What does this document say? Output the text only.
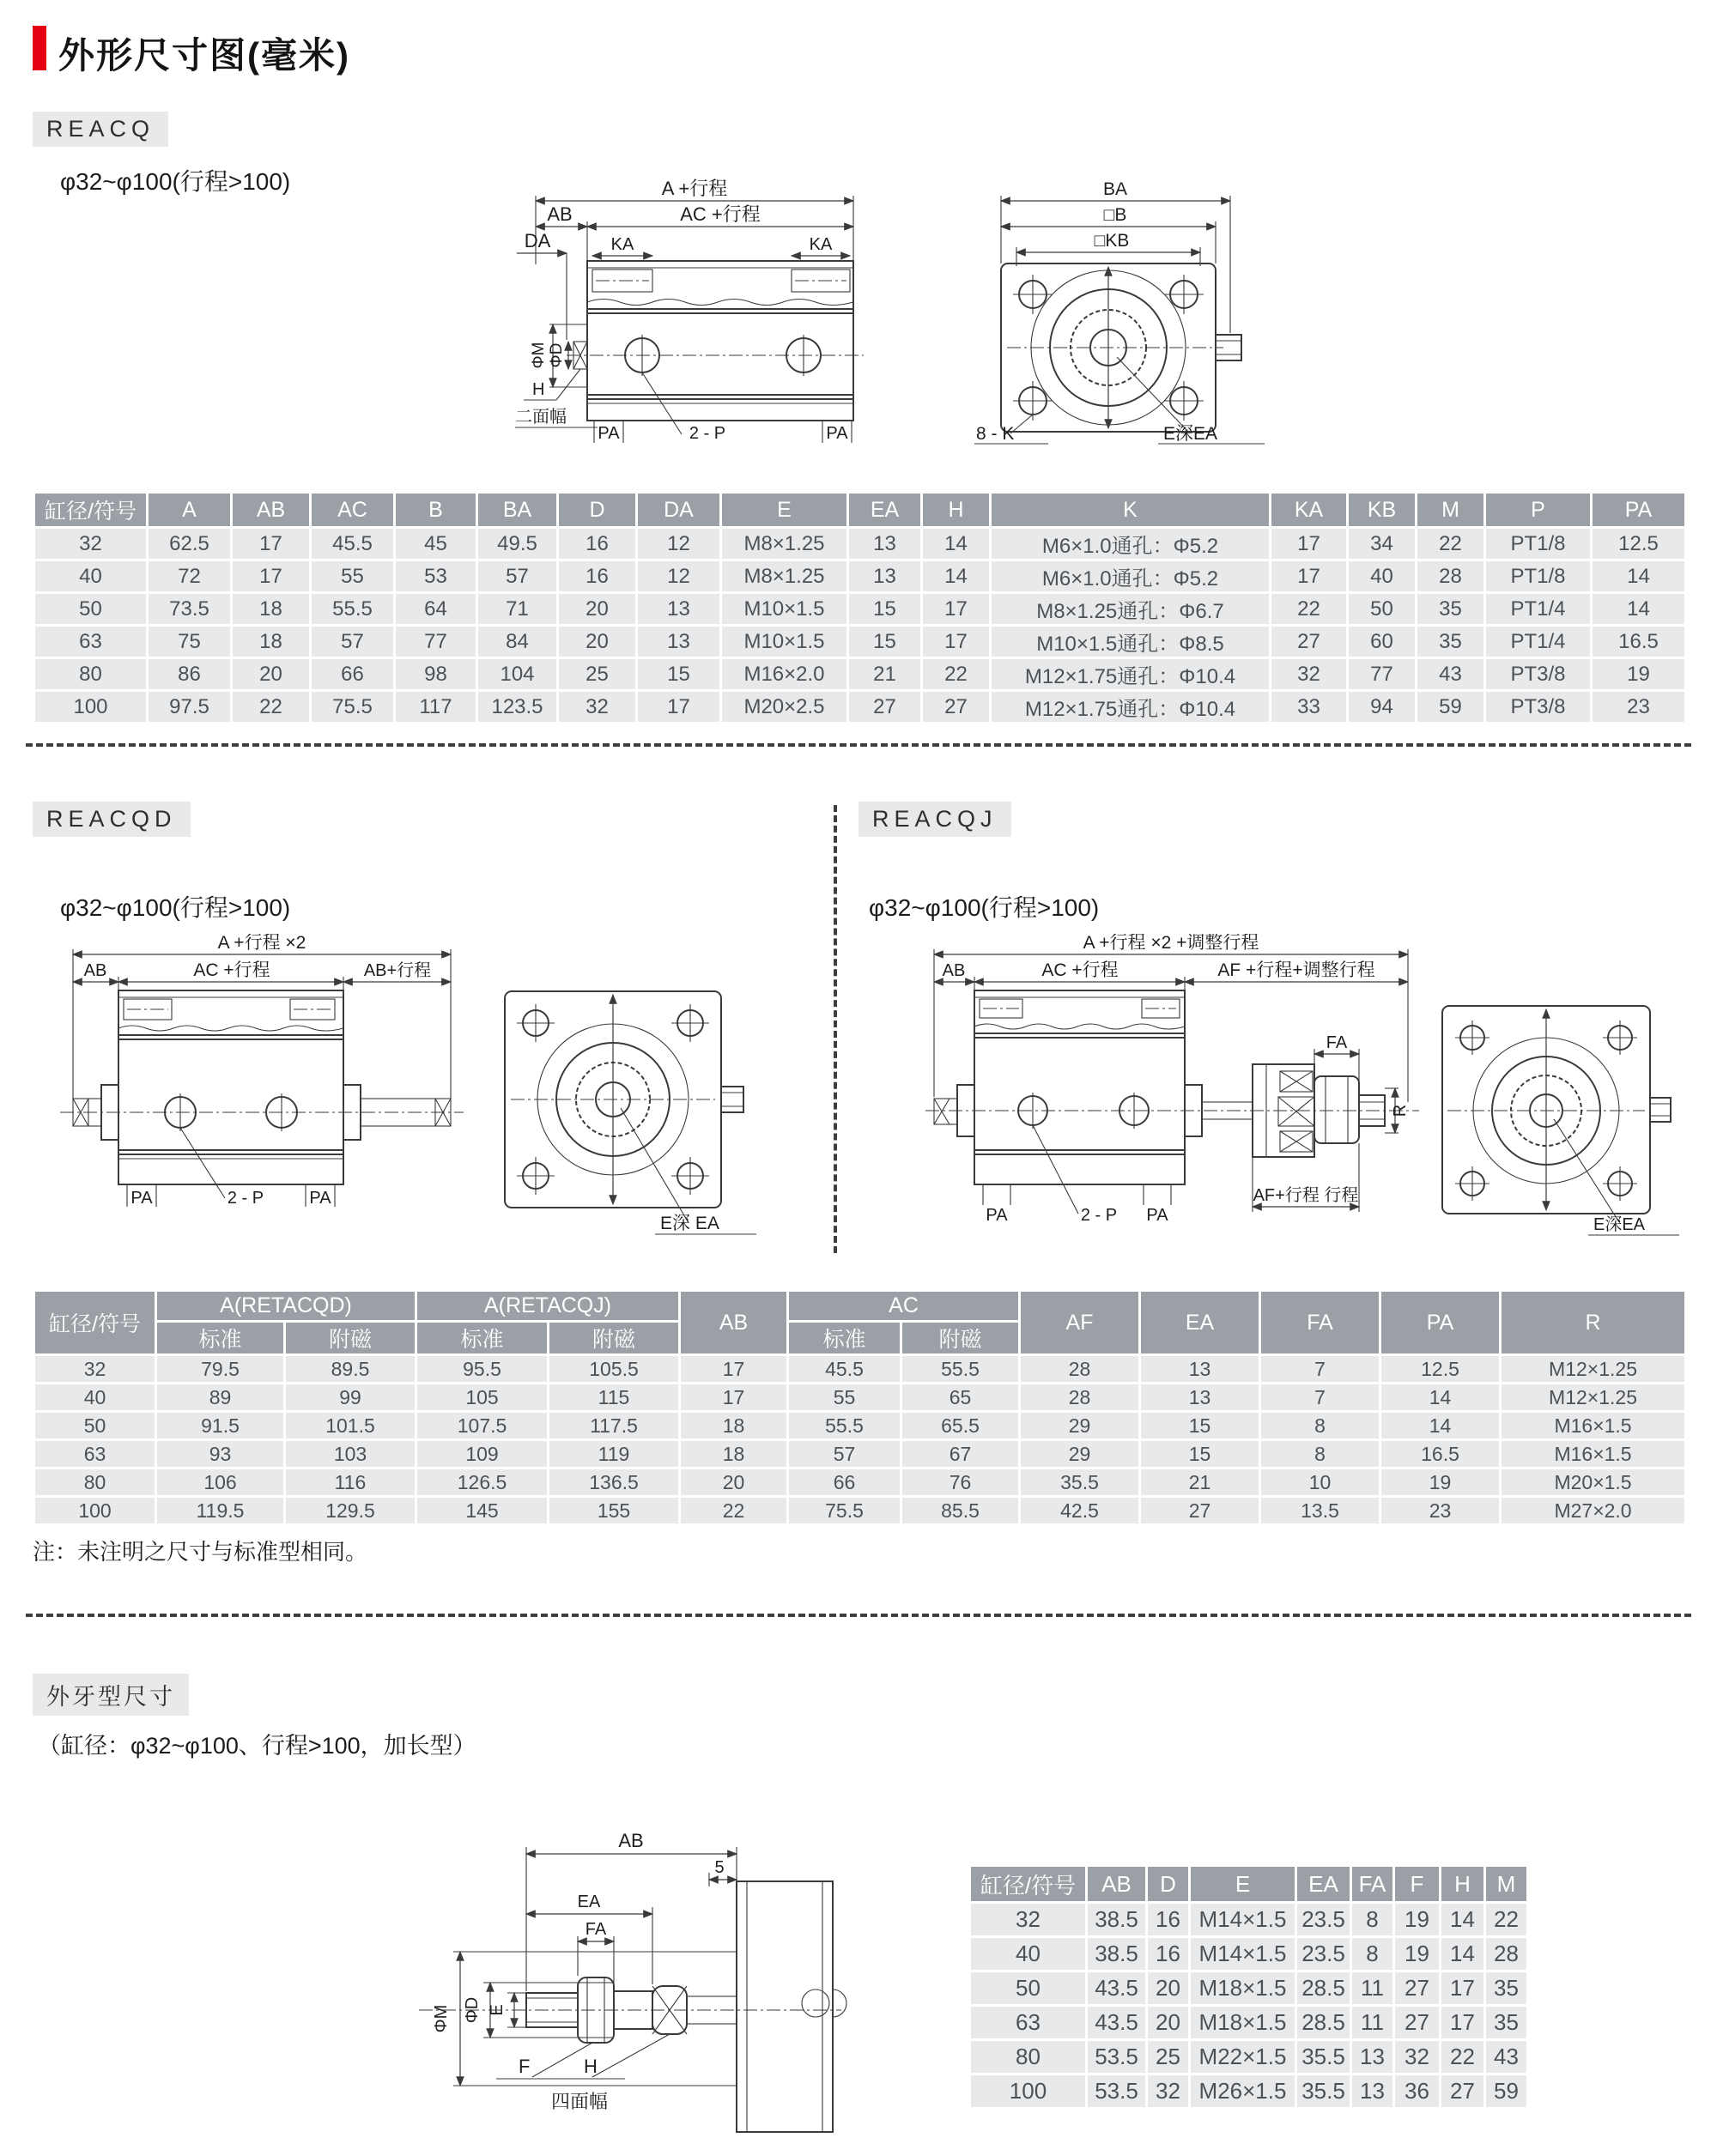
外形尺寸图(毫米)
REACQ
φ32~φ100(行程>100)	A +行程
AC +行程
AB
DA	KA	KA
ΦM ΦD
H
二面幅
PA	2 - P	PA
BA
□B
□KB
8 - K	E深EA
缸径/符号	A	AB	AC	B	BA	D	DA	E	EA	H	K	KA	KB	M	P	PA
32	62.5	17	45.5	45	49.5	16	12	M8×1.25	13	14	M6×1.0通孔：Φ5.2	17	34	22	PT1/8	12.5
40	72	17	55	53	57	16	12	M8×1.25	13	14	M6×1.0通孔：Φ5.2	17	40	28	PT1/8	14
50	73.5	18	55.5	64	71	20	13	M10×1.5	15	17	M8×1.25通孔：Φ6.7	22	50	35	PT1/4	14
63	75	18	57	77	84	20	13	M10×1.5	15	17	M10×1.5通孔：Φ8.5	27	60	35	PT1/4	16.5
80	86	20	66	98	104	25	15	M16×2.0	21	22	M12×1.75通孔：Φ10.4	32	77	43	PT3/8	19
100	97.5	22	75.5	117	123.5	32	17	M20×2.5	27	27	M12×1.75通孔：Φ10.4	33	94	59	PT3/8	23
REACQD
φ32~φ100(行程>100)
REACQJ
φ32~φ100(行程>100)
A +行程 ×2
AB	AC +行程	AB+行程
PA	2 - P	PA
E深 EA
A +行程 ×2 +调整行程
AB	AC +行程	AF +行程+调整行程
FA
R
AF+行程 行程
PA	2 - P PA	E深EA
缸径/符号	A(RETACQD)		A(RETACQJ)		AB	AC		AF	EA	FA	PA	R
	标准	附磁	标准	附磁		标准	附磁					
32	79.5	89.5	95.5	105.5	17	45.5	55.5	28	13	7	12.5	M12×1.25
40	89	99	105	115	17	55	65	28	13	7	14	M12×1.25
50	91.5	101.5	107.5	117.5	18	55.5	65.5	29	15	8	14	M16×1.5
63	93	103	109	119	18	57	67	29	15	8	16.5	M16×1.5
80	106	116	126.5	136.5	20	66	76	35.5	21	10	19	M20×1.5
100	119.5	129.5	145	155	22	75.5	85.5	42.5	27	13.5	23	M27×2.0
注：未注明之尺寸与标准型相同。
外牙型尺寸
（缸径：φ32~φ100、行程>100，加长型）
AB
5
EA
FA
ΦM ΦD E
F	H
四面幅
缸径/符号	AB	D	E	EA	FA	F	H	M
32	38.5	16	M14×1.5	23.5	8	19	14	22
40	38.5	16	M14×1.5	23.5	8	19	14	28
50	43.5	20	M18×1.5	28.5	11	27	17	35
63	43.5	20	M18×1.5	28.5	11	27	17	35
80	53.5	25	M22×1.5	35.5	13	32	22	43
100	53.5	32	M26×1.5	35.5	13	36	27	59
